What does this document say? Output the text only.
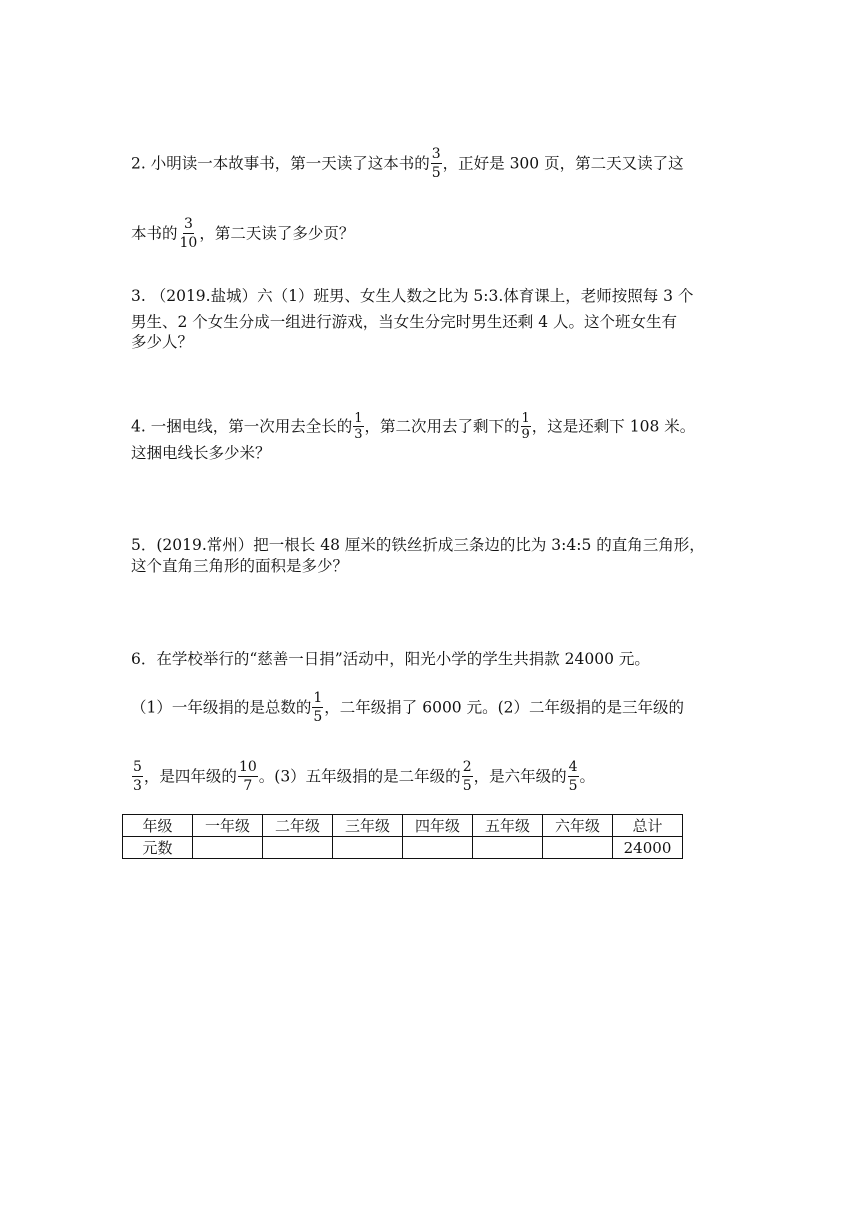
2. 小明读一本故事书，第一天读了这本书的 $\frac{3}{5}$ ，正好是 300 页，第二天又读了这
本书的 $\frac{3}{10}$ ，第二天读了多少页？
3. （2019.盐城）六（1）班男、女生人数之比为 5:3.体育课上，老师按照每 3 个
男生、2 个女生分成一组进行游戏，当女生分完时男生还剩 4 人。这个班女生有
多少人？
4. 一捆电线，第一次用去全长的 $\frac{1}{3}$ ，第二次用去了剩下的 $\frac{1}{9}$ ，这是还剩下 108 米。
这捆电线长多少米？
5．(2019.常州）把一根长 48 厘米的铁丝折成三条边的比为 3:4:5 的直角三角形，
这个直角三角形的面积是多少？
6．在学校举行的“慈善一日捐”活动中，阳光小学的学生共捐款 24000 元。
（1）一年级捐的是总数的 $\frac{1}{5}$ ，二年级捐了 6000 元。(2）二年级捐的是三年级的
$\frac{5}{3}$ ，是四年级的 $\frac{10}{7}$ 。(3）五年级捐的是二年级的 $\frac{2}{5}$ ，是六年级的 $\frac{4}{5}$ 。
年级	一年级	二年级	三年级	四年级	五年级	六年级	总计
元数							24000
